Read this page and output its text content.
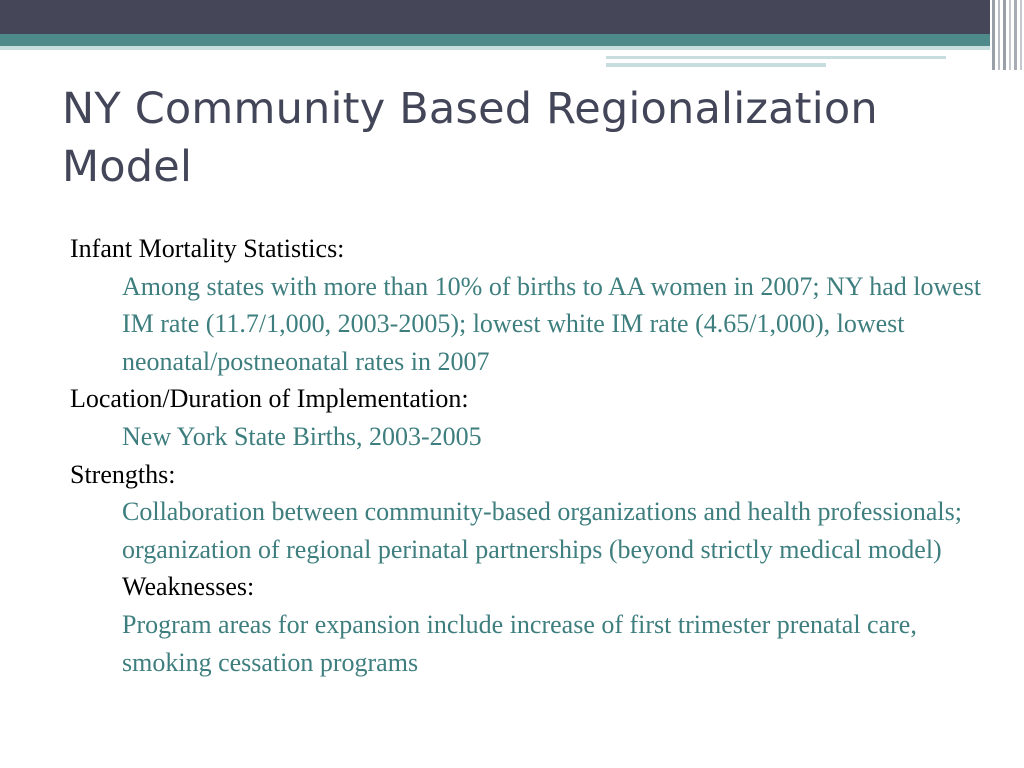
NY Community Based Regionalization Model
Infant Mortality Statistics:
Among states with more than 10% of births to AA women in 2007; NY had lowest IM rate (11.7/1,000, 2003-2005); lowest white IM rate (4.65/1,000), lowest neonatal/postneonatal rates in 2007
Location/Duration of Implementation:
New York State Births, 2003-2005
Strengths:
Collaboration between community-based organizations and health professionals; organization of regional perinatal partnerships (beyond strictly medical model)
Weaknesses:
Program areas for expansion include increase of first trimester prenatal care, smoking cessation programs
